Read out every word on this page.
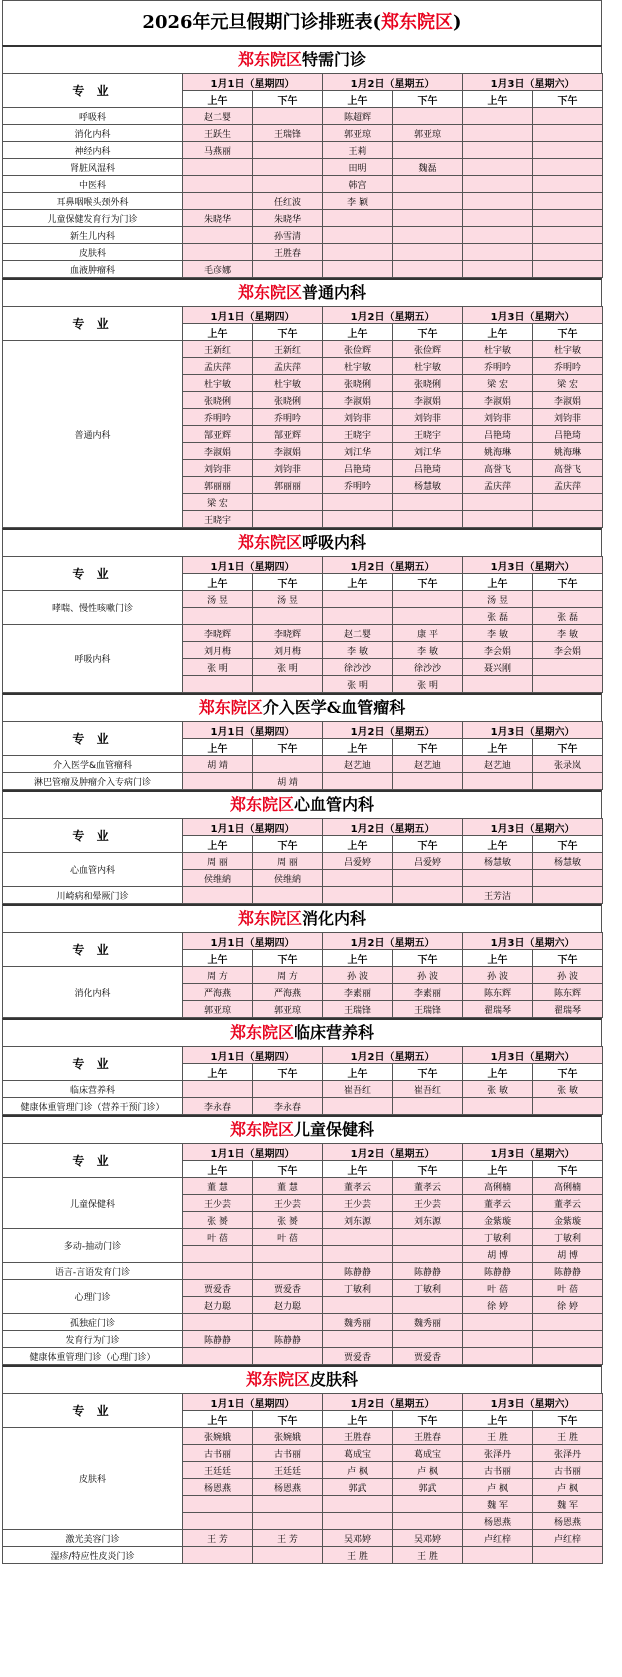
2026年元旦假期门诊排班表(郑东院区)
郑东院区特需门诊
专 业	1月1日（星期四）		1月2日（星期五）		1月3日（星期六）	
	上午	下午	上午	下午	上午	下午
呼吸科	赵二婴		陈超辉			
消化内科	王跃生	王瑞锋	郭亚琼	郭亚琼		
神经内科	马燕丽		王莉			
肾脏风湿科			田明	魏磊		
中医科			韩宫			
耳鼻咽喉头颈外科		任红波	李 颖			
儿童保健发育行为门诊	朱晓华	朱晓华				
新生儿内科		孙雪清				
皮肤科		王胜春				
血液肿瘤科	毛彦娜					
郑东院区普通内科
专 业	1月1日（星期四）		1月2日（星期五）		1月3日（星期六）	
	上午	下午	上午	下午	上午	下午
普通内科	王新红	王新红	张俭辉	张俭辉	杜宇敏	杜宇敏
	孟庆萍	孟庆萍	杜宇敏	杜宇敏	乔明吟	乔明吟
	杜宇敏	杜宇敏	张晓俐	张晓俐	梁 宏	梁 宏
	张晓俐	张晓俐	李淑娟	李淑娟	李淑娟	李淑娟
	乔明吟	乔明吟	刘钧菲	刘钧菲	刘钧菲	刘钧菲
	郜亚辉	郜亚辉	王晓宇	王晓宇	吕艳琦	吕艳琦
	李淑娟	李淑娟	刘江华	刘江华	姚海琳	姚海琳
	刘钧菲	刘钧菲	吕艳琦	吕艳琦	高誉飞	高誉飞
	郭丽丽	郭丽丽	乔明吟	杨慧敏	孟庆萍	孟庆萍
	梁 宏					
	王晓宇					
郑东院区呼吸内科
专 业	1月1日（星期四）		1月2日（星期五）		1月3日（星期六）	
	上午	下午	上午	下午	上午	下午
哮喘、慢性咳嗽门诊	汤 昱	汤 昱			汤 昱	
					张 磊	张 磊
呼吸内科	李晓辉	李晓辉	赵二婴	康 平	李 敏	李 敏
	刘月梅	刘月梅	李 敏	李 敏	李会娟	李会娟
	张 明	张 明	徐沙沙	徐沙沙	聂兴刚	
			张 明	张 明		
郑东院区介入医学&血管瘤科
专 业	1月1日（星期四）		1月2日（星期五）		1月3日（星期六）	
	上午	下午	上午	下午	上午	下午
介入医学&血管瘤科	胡 靖		赵艺迪	赵艺迪	赵艺迪	张录岚
淋巴管瘤及肿瘤介入专病门诊		胡 靖				
郑东院区心血管内科
专 业	1月1日（星期四）		1月2日（星期五）		1月3日（星期六）	
	上午	下午	上午	下午	上午	下午
心血管内科	周 丽	周 丽	吕爱婷	吕爱婷	杨慧敏	杨慧敏
	侯维納	侯维納				
川崎病和晕厥门诊					王芳洁	
郑东院区消化内科
专 业	1月1日（星期四）		1月2日（星期五）		1月3日（星期六）	
	上午	下午	上午	下午	上午	下午
消化内科	周 方	周 方	孙 波	孙 波	孙 波	孙 波
	严海燕	严海燕	李素丽	李素丽	陈东辉	陈东辉
	郭亚琼	郭亚琼	王瑞锋	王瑞锋	翟瑞琴	翟瑞琴
郑东院区临床营养科
专 业	1月1日（星期四）		1月2日（星期五）		1月3日（星期六）	
	上午	下午	上午	下午	上午	下午
临床营养科			崔吾红	崔吾红	张 敏	张 敏
健康体重管理门诊（营养干预门诊）	李永春	李永春				
郑东院区儿童保健科
专 业	1月1日（星期四）		1月2日（星期五）		1月3日（星期六）	
	上午	下午	上午	下午	上午	下午
儿童保健科	董 慧	董 慧	董孝云	董孝云	高俐楠	高俐楠
	王少芸	王少芸	王少芸	王少芸	董孝云	董孝云
	张 赟	张 赟	刘东源	刘东源	金紫璇	金紫璇
多动-抽动门诊	叶 蓓	叶 蓓			丁敏利	丁敏利
					胡 博	胡 博
语言-言语发育门诊			陈静静	陈静静	陈静静	陈静静
心理门诊	贾爱香	贾爱香	丁敏利	丁敏利	叶 蓓	叶 蓓
	赵力聪	赵力聪			徐 婷	徐 婷
孤独症门诊			魏秀丽	魏秀丽		
发育行为门诊	陈静静	陈静静				
健康体重管理门诊（心理门诊）			贾爱香	贾爱香		
郑东院区皮肤科
专 业	1月1日（星期四）		1月2日（星期五）		1月3日（星期六）	
	上午	下午	上午	下午	上午	下午
皮肤科	张婉娥	张婉娥	王胜春	王胜春	王 胜	王 胜
	古书丽	古书丽	葛成宝	葛成宝	张泽丹	张泽丹
	王廷廷	王廷廷	卢 枫	卢 枫	古书丽	古书丽
	杨恩燕	杨恩燕	郭武	郭武	卢 枫	卢 枫
					魏 军	魏 军
					杨恩燕	杨恩燕
激光美容门诊	王 芳	王 芳	吴邓婷	吴邓婷	卢红梓	卢红梓
湿疹/特应性皮炎门诊			王 胜	王 胜		
